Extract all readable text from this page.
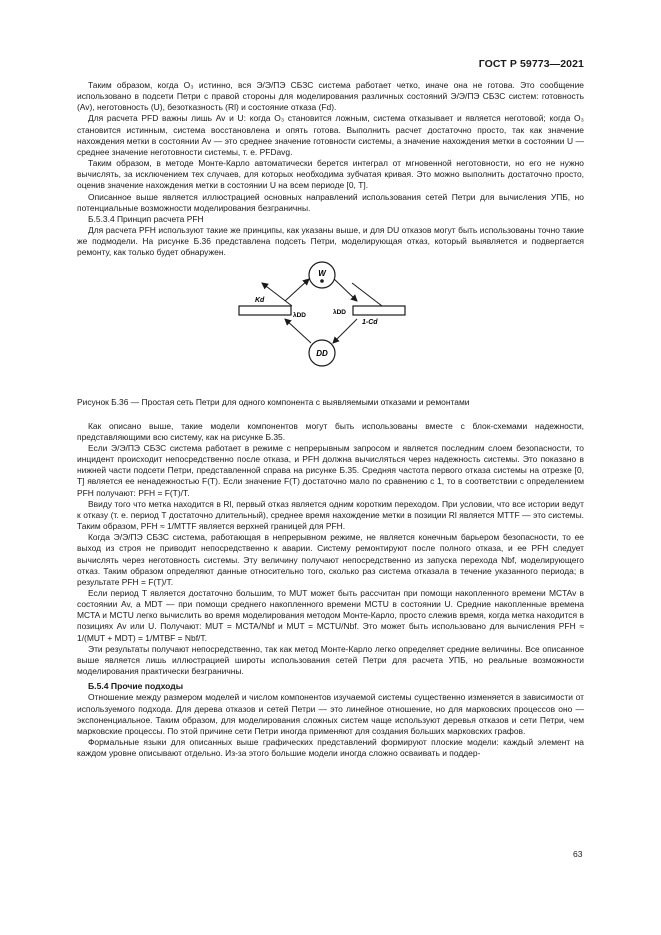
ГОСТ Р 59773—2021

Таким образом, когда O₃ истинно, вся Э/Э/ПЭ СБЗС система работает четко, иначе она не готова. Это сообщение использовано в подсети Петри с правой стороны для моделирования различных состояний Э/Э/ПЭ СБЗС систем: готовность (Av), неготовность (U), безотказность (Rl) и состояние отказа (Fd).

Для расчета PFD важны лишь Av и U: когда O₃ становится ложным, система отказывает и является неготовой; когда O₃ становится истинным, система восстановлена и опять готова. Выполнить расчет достаточно просто, так как значение нахождения метки в состоянии Av — это среднее значение готовности системы, а значение нахождения метки в состоянии U — среднее значение неготовности системы, т. е. PFDavg.

Таким образом, в методе Монте-Карло автоматически берется интеграл от мгновенной неготовности, но его не нужно вычислять, за исключением тех случаев, для которых необходима зубчатая кривая. Это можно выполнить достаточно просто, оценив значение нахождения метки в состоянии U на всем периоде [0, T].

Описанное выше является иллюстрацией основных направлений использования сетей Петри для вычисления УПБ, но потенциальные возможности моделирования безграничны.

Б.5.3.4 Принцип расчета PFH

Для расчета PFH используют такие же принципы, как указаны выше, и для DU отказов могут быть использованы точно такие же подмодели. На рисунке Б.36 представлена подсеть Петри, моделирующая отказ, который выявляется и подвергается ремонту, как только будет обнаружен.

W
DD
Kd
λDD	λDD
1-Cd

Рисунок Б.36 — Простая сеть Петри для одного компонента с выявляемыми отказами и ремонтами

Как описано выше, такие модели компонентов могут быть использованы вместе с блок-схемами надежности, представляющими всю систему, как на рисунке Б.35.

Если Э/Э/ПЭ СБЗС система работает в режиме с непрерывным запросом и является последним слоем безопасности, то инцидент происходит непосредственно после отказа, и PFH должна вычисляться через надежность системы. Это показано в нижней части подсети Петри, представленной справа на рисунке Б.35. Средняя частота первого отказа системы на отрезке [0, T] является ее ненадежностью F(T). Если значение F(T) достаточно мало по сравнению с 1, то в соответствии с определением PFH получают: PFH = F(T)/T.

Ввиду того что метка находится в Rl, первый отказ является одним коротким переходом. При условии, что все истории ведут к отказу (т. е. период T достаточно длительный), среднее время нахождение метки в позиции Rl является MTTF — это системы. Таким образом, PFH ≈ 1/MTTF является верхней границей для PFH.

Когда Э/Э/ПЭ СБЗС система, работающая в непрерывном режиме, не является конечным барьером безопасности, то ее выход из строя не приводит непосредственно к аварии. Систему ремонтируют после полного отказа, и ее PFH следует вычислять через неготовность системы. Эту величину получают непосредственно из запуска перехода Nbf, моделирующего отказ. Таким образом определяют данные относительно того, сколько раз система отказала в течение указанного периода; в результате PFH = F(T)/T.

Если период T является достаточно большим, то MUT может быть рассчитан при помощи накопленного времени MCTAv в состоянии Av, а MDT — при помощи среднего накопленного времени MCTU в состоянии U. Средние накопленные времена MCTA и MCTU легко вычислить во время моделирования методом Монте-Карло, просто слежив время, когда метка находится в позициях Av или U. Получают: MUT = MCTA/Nbf и MUT = MCTU/Nbf. Это может быть использовано для вычисления PFH ≈ 1/(MUT + MDT) = 1/MTBF = Nbf/T.

Эти результаты получают непосредственно, так как метод Монте-Карло легко определяет средние величины. Все описанное выше является лишь иллюстрацией широты использования сетей Петри для расчета УПБ, но реальные возможности моделирования практически безграничны.

Б.5.4 Прочие подходы

Отношение между размером моделей и числом компонентов изучаемой системы существенно изменяется в зависимости от используемого подхода. Для дерева отказов и сетей Петри — это линейное отношение, но для марковских процессов оно — экспоненциальное. Таким образом, для моделирования сложных систем чаще используют деревья отказов и сети Петри, чем марковские процессы. По этой причине сети Петри иногда применяют для создания больших марковских графов.

Формальные языки для описанных выше графических представлений формируют плоские модели: каждый элемент на каждом уровне описывают отдельно. Из-за этого большие модели иногда сложно осваивать и поддер-

63
